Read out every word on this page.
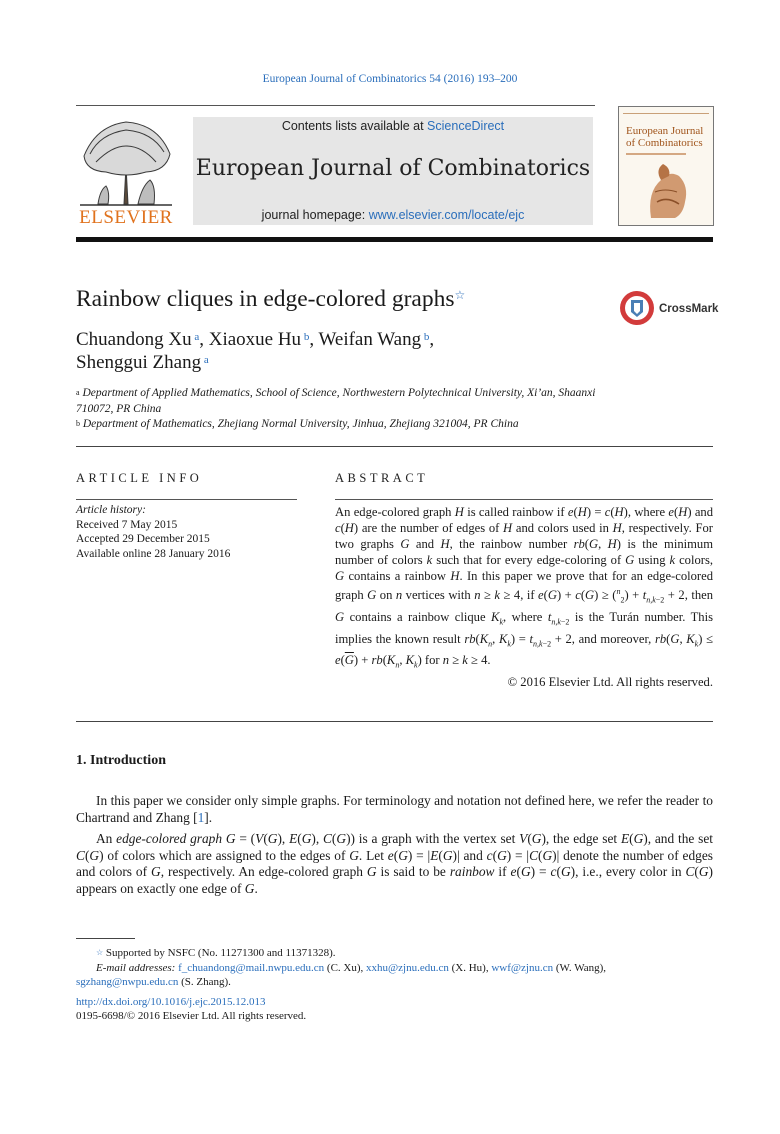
European Journal of Combinatorics 54 (2016) 193–200
ELSEVIER
Contents lists available at ScienceDirect
European Journal of Combinatorics
journal homepage: www.elsevier.com/locate/ejc
European Journal of Combinatorics
Rainbow cliques in edge-colored graphs☆
CrossMark
Chuandong Xu $^a$, Xiaoxue Hu $^b$, Weifan Wang $^b$,
Shenggui Zhang $^a$
$^a$ Department of Applied Mathematics, School of Science, Northwestern Polytechnical University, Xi’an, Shaanxi 710072, PR China
$^b$ Department of Mathematics, Zhejiang Normal University, Jinhua, Zhejiang 321004, PR China
ARTICLE INFO	ABSTRACT
Article history:
Received 7 May 2015
Accepted 29 December 2015
Available online 28 January 2016
An edge-colored graph H is called rainbow if e(H) = c(H), where e(H) and c(H) are the number of edges of H and colors used in H, respectively. For two graphs G and H, the rainbow number rb(G, H) is the minimum number of colors k such that for every edge-coloring of G using k colors, G contains a rainbow H. In this paper we prove that for an edge-colored graph G on n vertices with n ≥ k ≥ 4, if $e(G) + c(G) \ge (^n_2) + t_{n,k-2} + 2$, then G contains a rainbow clique $K_k$, where $t_{n,k-2}$ is the Turán number. This implies the known result $rb(K_n$, $K_k) = t_{n,k-2} + 2$, and moreover, rb(G, $K_k) \le e(\overline{G}) + rb(K_n$, $K_k$) for n ≥ k ≥ 4.
© 2016 Elsevier Ltd. All rights reserved.
1. Introduction

In this paper we consider only simple graphs. For terminology and notation not defined here, we refer the reader to Chartrand and Zhang [1].

An edge-colored graph G = (V(G), E(G), C(G)) is a graph with the vertex set V(G), the edge set E(G), and the set C(G) of colors which are assigned to the edges of G. Let e(G) = |E(G)| and c(G) = |C(G)| denote the number of edges and colors of G, respectively. An edge-colored graph G is said to be rainbow if e(G) = c(G), i.e., every color in C(G) appears on exactly one edge of G.

☆ Supported by NSFC (No. 11271300 and 11371328).
E-mail addresses: f_chuandong@mail.nwpu.edu.cn (C. Xu), xxhu@zjnu.edu.cn (X. Hu), wwf@zjnu.cn (W. Wang),
sgzhang@nwpu.edu.cn (S. Zhang).
http://dx.doi.org/10.1016/j.ejc.2015.12.013
0195-6698/© 2016 Elsevier Ltd. All rights reserved.
